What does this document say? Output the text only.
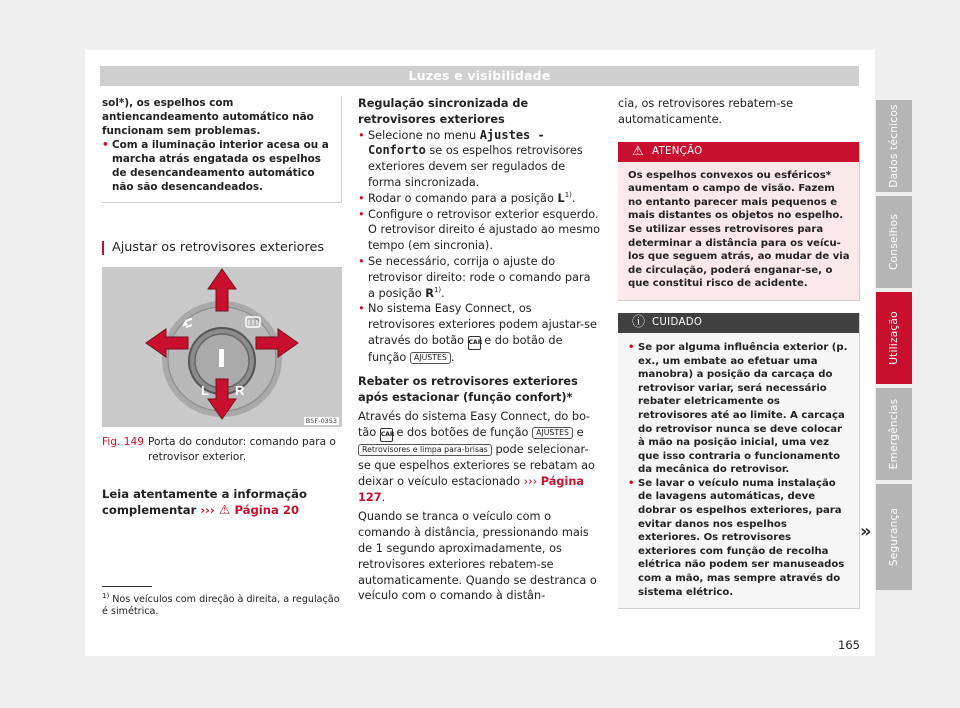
Luzes e visibilidade

sol*), os espelhos com antiencandeamento automático não funcionam sem problemas.

• Com a iluminação interior acesa ou a marcha atrás engatada os espelhos de desencandeamento automático não são desencandeados.

Ajustar os retrovisores exteriores
L R
B5F-0353
Fig. 149 Porta do condutor: comando para o retrovisor exterior.

Leia atentamente a informação complementar ››› ⚠ Página 20

Regulação sincronizada de retrovisores exteriores

• Selecione no menu Ajustes - Conforto se os espelhos retrovisores exteriores devem ser regulados de forma sincronizada.

• Rodar o comando para a posição $L^{1)}$.

• Configure o retrovisor exterior esquerdo. O retrovisor direito é ajustado ao mesmo tempo (em sincronia).

• Se necessário, corrija o ajuste do retrovisor direito: rode o comando para a posição $R^{1)}$.

• No sistema Easy Connect, os retrovisores exteriores podem ajustar-se através do botão CAR e do botão de função AJUSTES .

Rebater os retrovisores exteriores após estacionar (função confort)*

Através do sistema Easy Connect, do botão CAR e dos botões de função AJUSTES e Retrovisores e limpa para-brisas pode selecionar-se que espelhos exteriores se rebatam ao deixar o veículo estacionado ››› Página 127.

Quando se tranca o veículo com o comando à distância, pressionando mais de 1 segundo aproximadamente, os retrovisores exteriores rebatem-se automaticamente. Quando se destranca o veículo com o comando à distân-

cia, os retrovisores rebatem-se automaticamente.

⚠ ATENÇÃO
Os espelhos convexos ou esféricos* aumentam o campo de visão. Fazem no entanto parecer mais pequenos e mais distantes os objetos no espelho. Se utilizar esses retrovisores para determinar a distância para os veículos que seguem atrás, ao mudar de via de circulação, poderá enganar-se, o que constitui risco de acidente.
ⓘ CUIDADO

• Se por alguma influência exterior (p. ex., um embate ao efetuar uma manobra) a posição da carcaça do retrovisor variar, será necessário rebater eletricamente os retrovisores até ao limite. A carcaça do retrovisor nunca se deve colocar à mão na posição inicial, uma vez que isso contraria o funcionamento da mecânica do retrovisor.

• Se lavar o veículo numa instalação de lavagens automáticas, deve dobrar os espelhos exteriores, para evitar danos nos espelhos exteriores. Os retrovisores exteriores com função de recolha elétrica não podem ser manuseados com a mão, mas sempre através do sistema elétrico.

»
$^{1)}$ Nos veículos com direção à direita, a regulação é simétrica.
165
Dados técnicos
Conselhos
Utilização
Emergências
Segurança
